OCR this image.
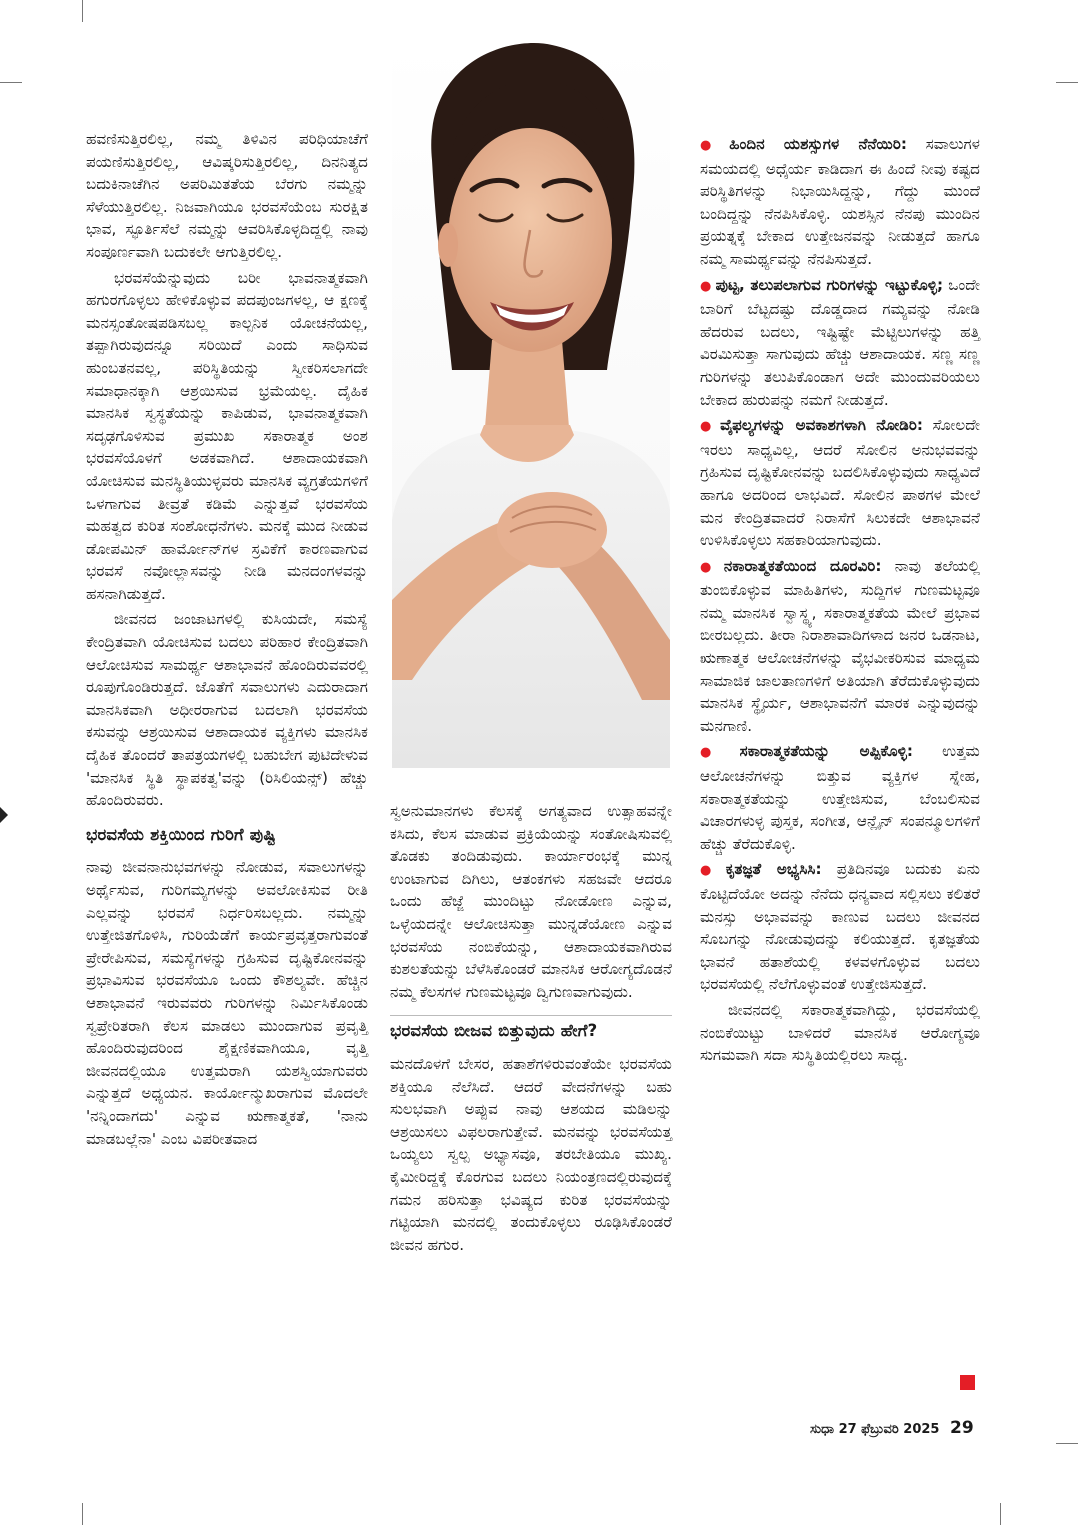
ಹವಣಿಸುತ್ತಿರಲಿಲ್ಲ, ನಮ್ಮ ತಿಳಿವಿನ ಪರಿಧಿಯಾಚೆಗೆ ಪಯಣಿಸುತ್ತಿರಲಿಲ್ಲ, ಆವಿಷ್ಕರಿಸುತ್ತಿರಲಿಲ್ಲ, ದಿನನಿತ್ಯದ ಬದುಕಿನಾಚೆಗಿನ ಅಪರಿಮಿತತೆಯ ಬೆರಗು ನಮ್ಮನ್ನು ಸೆಳೆಯುತ್ತಿರಲಿಲ್ಲ. ನಿಜವಾಗಿಯೂ ಭರವಸೆಯೆಂಬ ಸುರಕ್ಷಿತ ಭಾವ, ಸ್ಫೂರ್ತಿಸೆಲೆ ನಮ್ಮನ್ನು ಆವರಿಸಿಕೊಳ್ಳದಿದ್ದಲ್ಲಿ ನಾವು ಸಂಪೂರ್ಣವಾಗಿ ಬದುಕಲೇ ಆಗುತ್ತಿರಲಿಲ್ಲ.

ಭರವಸೆಯೆನ್ನುವುದು ಬರೀ ಭಾವನಾತ್ಮಕವಾಗಿ ಹಗುರಗೊಳ್ಳಲು ಹೇಳಿಕೊಳ್ಳುವ ಪದಪುಂಜಗಳಲ್ಲ, ಆ ಕ್ಷಣಕ್ಕೆ ಮನಸ್ಸಂತೋಷಪಡಿಸಬಲ್ಲ ಕಾಲ್ಪನಿಕ ಯೋಚನೆಯಲ್ಲ, ತಪ್ಪಾಗಿರುವುದನ್ನೂ ಸರಿಯಿದೆ ಎಂದು ಸಾಧಿಸುವ ಹುಂಬತನವಲ್ಲ, ಪರಿಸ್ಥಿತಿಯನ್ನು ಸ್ವೀಕರಿಸಲಾಗದೇ ಸಮಾಧಾನಕ್ಕಾಗಿ ಆಶ್ರಯಿಸುವ ಭ್ರಮೆಯಲ್ಲ. ದೈಹಿಕ ಮಾನಸಿಕ ಸ್ವಸ್ಥತೆಯನ್ನು ಕಾಪಿಡುವ, ಭಾವನಾತ್ಮಕವಾಗಿ ಸದೃಢಗೊಳಿಸುವ ಪ್ರಮುಖ ಸಕಾರಾತ್ಮಕ ಅಂಶ ಭರವಸೆಯೊಳಗೆ ಅಡಕವಾಗಿದೆ. ಆಶಾದಾಯಕವಾಗಿ ಯೋಚಿಸುವ ಮನಸ್ಥಿತಿಯುಳ್ಳವರು ಮಾನಸಿಕ ವ್ಯಗ್ರತೆಯಗಳಿಗೆ ಒಳಗಾಗುವ ತೀವ್ರತೆ ಕಡಿಮೆ ಎನ್ನುತ್ತವೆ ಭರವಸೆಯ ಮಹತ್ವದ ಕುರಿತ ಸಂಶೋಧನೆಗಳು. ಮನಕ್ಕೆ ಮುದ ನೀಡುವ ಡೋಪಮಿನ್ ಹಾರ್ಮೋನ್‌ಗಳ ಸ್ರವಿಕೆಗೆ ಕಾರಣವಾಗುವ ಭರವಸೆ ನವೋಲ್ಲಾಸವನ್ನು ನೀಡಿ ಮನದಂಗಳವನ್ನು ಹಸನಾಗಿಡುತ್ತದೆ.

ಜೀವನದ ಜಂಜಾಟಗಳಲ್ಲಿ ಕುಸಿಯದೇ, ಸಮಸ್ಯೆ ಕೇಂದ್ರಿತವಾಗಿ ಯೋಚಿಸುವ ಬದಲು ಪರಿಹಾರ ಕೇಂದ್ರಿತವಾಗಿ ಆಲೋಚಿಸುವ ಸಾಮರ್ಥ್ಯ ಆಶಾಭಾವನೆ ಹೊಂದಿರುವವರಲ್ಲಿ ರೂಪುಗೊಂಡಿರುತ್ತದೆ. ಜೊತೆಗೆ ಸವಾಲುಗಳು ಎದುರಾದಾಗ ಮಾನಸಿಕವಾಗಿ ಅಧೀರರಾಗುವ ಬದಲಾಗಿ ಭರವಸೆಯ ಕಸುವನ್ನು ಆಶ್ರಯಿಸುವ ಆಶಾದಾಯಕ ವ್ಯಕ್ತಿಗಳು ಮಾನಸಿಕ ದೈಹಿಕ ತೊಂದರೆ ತಾಪತ್ರಯಗಳಲ್ಲಿ ಬಹುಬೇಗ ಪುಟಿದೇಳುವ 'ಮಾನಸಿಕ ಸ್ಥಿತಿ ಸ್ಥಾಪಕತ್ವ'ವನ್ನು (ರಿಸಿಲಿಯನ್ಸ್) ಹೆಚ್ಚು ಹೊಂದಿರುವರು.

ಭರವಸೆಯ ಶಕ್ತಿಯಿಂದ ಗುರಿಗೆ ಪುಷ್ಟಿ

ನಾವು ಜೀವನಾನುಭವಗಳನ್ನು ನೋಡುವ, ಸವಾಲುಗಳನ್ನು ಅರ್ಥೈಸುವ, ಗುರಿಗಮ್ಯಗಳನ್ನು ಅವಲೋಕಿಸುವ ರೀತಿ ಎಲ್ಲವನ್ನು ಭರವಸೆ ನಿರ್ಧರಿಸಬಲ್ಲದು. ನಮ್ಮನ್ನು ಉತ್ತೇಜಿತಗೊಳಿಸಿ, ಗುರಿಯೆಡೆಗೆ ಕಾರ್ಯಪ್ರವೃತ್ತರಾಗುವಂತೆ ಪ್ರೇರೇಪಿಸುವ, ಸಮಸ್ಯೆಗಳನ್ನು ಗ್ರಹಿಸುವ ದೃಷ್ಟಿಕೋನವನ್ನು ಪ್ರಭಾವಿಸುವ ಭರವಸೆಯೂ ಒಂದು ಕೌಶಲ್ಯವೇ. ಹೆಚ್ಚಿನ ಆಶಾಭಾವನೆ ಇರುವವರು ಗುರಿಗಳನ್ನು ನಿರ್ಮಿಸಿಕೊಂಡು ಸ್ವಪ್ರೇರಿತರಾಗಿ ಕೆಲಸ ಮಾಡಲು ಮುಂದಾಗುವ ಪ್ರವೃತ್ತಿ ಹೊಂದಿರುವುದರಿಂದ ಶೈಕ್ಷಣಿಕವಾಗಿಯೂ, ವೃತ್ತಿ ಜೀವನದಲ್ಲಿಯೂ ಉತ್ತಮರಾಗಿ ಯಶಸ್ವಿಯಾಗುವರು ಎನ್ನುತ್ತದೆ ಅಧ್ಯಯನ. ಕಾರ್ಯೋನ್ಮುಖರಾಗುವ ಮೊದಲೇ 'ನನ್ನಿಂದಾಗದು' ಎನ್ನುವ ಋಣಾತ್ಮಕತೆ, 'ನಾನು ಮಾಡಬಲ್ಲೆನಾ' ಎಂಬ ವಿಪರೀತವಾದ

ಸ್ವಅನುಮಾನಗಳು ಕೆಲಸಕ್ಕೆ ಅಗತ್ಯವಾದ ಉತ್ಸಾಹವನ್ನೇ ಕಸಿದು, ಕೆಲಸ ಮಾಡುವ ಪ್ರಕ್ರಿಯೆಯನ್ನು ಸಂತೋಷಿಸುವಲ್ಲಿ ತೊಡಕು ತಂದಿಡುವುದು. ಕಾರ್ಯಾರಂಭಕ್ಕೆ ಮುನ್ನ ಉಂಟಾಗುವ ದಿಗಿಲು, ಆತಂಕಗಳು ಸಹಜವೇ ಆದರೂ ಒಂದು ಹೆಜ್ಜೆ ಮುಂದಿಟ್ಟು ನೋಡೋಣ ಎನ್ನುವ, ಒಳ್ಳೆಯದನ್ನೇ ಆಲೋಚಿಸುತ್ತಾ ಮುನ್ನಡೆಯೋಣ ಎನ್ನುವ ಭರವಸೆಯ ನಂಬಿಕೆಯನ್ನು, ಆಶಾದಾಯಕವಾಗಿರುವ ಕುಶಲತೆಯನ್ನು ಬೆಳೆಸಿಕೊಂಡರೆ ಮಾನಸಿಕ ಆರೋಗ್ಯದೊಡನೆ ನಮ್ಮ ಕೆಲಸಗಳ ಗುಣಮಟ್ಟವೂ ದ್ವಿಗುಣವಾಗುವುದು.

ಭರವಸೆಯ ಬೀಜವ ಬಿತ್ತುವುದು ಹೇಗೆ?

ಮನದೊಳಗೆ ಬೇಸರ, ಹತಾಶೆಗಳಿರುವಂತೆಯೇ ಭರವಸೆಯ ಶಕ್ತಿಯೂ ನೆಲೆಸಿದೆ. ಆದರೆ ವೇದನೆಗಳನ್ನು ಬಹು ಸುಲಭವಾಗಿ ಅಪ್ಪುವ ನಾವು ಆಶಯದ ಮಡಿಲನ್ನು ಆಶ್ರಯಿಸಲು ವಿಫಲರಾಗುತ್ತೇವೆ. ಮನವನ್ನು ಭರವಸೆಯತ್ತ ಒಯ್ಯಲು ಸ್ವಲ್ಪ ಅಭ್ಯಾಸವೂ, ತರಬೇತಿಯೂ ಮುಖ್ಯ. ಕೈಮೀರಿದ್ದಕ್ಕೆ ಕೊರಗುವ ಬದಲು ನಿಯಂತ್ರಣದಲ್ಲಿರುವುದಕ್ಕೆ ಗಮನ ಹರಿಸುತ್ತಾ ಭವಿಷ್ಯದ ಕುರಿತ ಭರವಸೆಯನ್ನು ಗಟ್ಟಿಯಾಗಿ ಮನದಲ್ಲಿ ತಂದುಕೊಳ್ಳಲು ರೂಢಿಸಿಕೊಂಡರೆ ಜೀವನ ಹಗುರ.

● ಹಿಂದಿನ ಯಶಸ್ಸುಗಳ ನೆನೆಯಿರಿ: ಸವಾಲುಗಳ ಸಮಯದಲ್ಲಿ ಅಧೈರ್ಯ ಕಾಡಿದಾಗ ಈ ಹಿಂದೆ ನೀವು ಕಷ್ಟದ ಪರಿಸ್ಥಿತಿಗಳನ್ನು ನಿಭಾಯಿಸಿದ್ದನ್ನು, ಗೆದ್ದು ಮುಂದೆ ಬಂದಿದ್ದನ್ನು ನೆನಪಿಸಿಕೊಳ್ಳಿ. ಯಶಸ್ಸಿನ ನೆನಪು ಮುಂದಿನ ಪ್ರಯತ್ನಕ್ಕೆ ಬೇಕಾದ ಉತ್ತೇಜನವನ್ನು ನೀಡುತ್ತದೆ ಹಾಗೂ ನಮ್ಮ ಸಾಮರ್ಥ್ಯವನ್ನು ನೆನಪಿಸುತ್ತದೆ.
● ಪುಟ್ಟ, ತಲುಪಲಾಗುವ ಗುರಿಗಳನ್ನು ಇಟ್ಟುಕೊಳ್ಳಿ; ಒಂದೇ ಬಾರಿಗೆ ಬೆಟ್ಟದಷ್ಟು ದೊಡ್ಡದಾದ ಗಮ್ಯವನ್ನು ನೋಡಿ ಹೆದರುವ ಬದಲು, ಇಷ್ಟಿಷ್ಟೇ ಮೆಟ್ಟಿಲುಗಳನ್ನು ಹತ್ತಿ ವಿರಮಿಸುತ್ತಾ ಸಾಗುವುದು ಹೆಚ್ಚು ಆಶಾದಾಯಕ. ಸಣ್ಣ ಸಣ್ಣ ಗುರಿಗಳನ್ನು ತಲುಪಿಕೊಂಡಾಗ ಅದೇ ಮುಂದುವರಿಯಲು ಬೇಕಾದ ಹುರುಪನ್ನು ನಮಗೆ ನೀಡುತ್ತದೆ.
● ವೈಫಲ್ಯಗಳನ್ನು ಅವಕಾಶಗಳಾಗಿ ನೋಡಿರಿ: ಸೋಲದೇ ಇರಲು ಸಾಧ್ಯವಿಲ್ಲ, ಆದರೆ ಸೋಲಿನ ಅನುಭವವನ್ನು ಗ್ರಹಿಸುವ ದೃಷ್ಟಿಕೋನವನ್ನು ಬದಲಿಸಿಕೊಳ್ಳುವುದು ಸಾಧ್ಯವಿದೆ ಹಾಗೂ ಅದರಿಂದ ಲಾಭವಿದೆ. ಸೋಲಿನ ಪಾಠಗಳ ಮೇಲೆ ಮನ ಕೇಂದ್ರಿತವಾದರೆ ನಿರಾಸೆಗೆ ಸಿಲುಕದೇ ಆಶಾಭಾವನೆ ಉಳಿಸಿಕೊಳ್ಳಲು ಸಹಕಾರಿಯಾಗುವುದು.
● ನಕಾರಾತ್ಮಕತೆಯಿಂದ ದೂರವಿರಿ: ನಾವು ತಲೆಯಲ್ಲಿ ತುಂಬಿಕೊಳ್ಳುವ ಮಾಹಿತಿಗಳು, ಸುದ್ದಿಗಳ ಗುಣಮಟ್ಟವೂ ನಮ್ಮ ಮಾನಸಿಕ ಸ್ವಾಸ್ಥ್ಯ, ಸಕಾರಾತ್ಮಕತೆಯ ಮೇಲೆ ಪ್ರಭಾವ ಬೀರಬಲ್ಲದು. ತೀರಾ ನಿರಾಶಾವಾದಿಗಳಾದ ಜನರ ಒಡನಾಟ, ಋಣಾತ್ಮಕ ಆಲೋಚನೆಗಳನ್ನು ವೈಭವೀಕರಿಸುವ ಮಾಧ್ಯಮ ಸಾಮಾಜಿಕ ಜಾಲತಾಣಗಳಿಗೆ ಅತಿಯಾಗಿ ತೆರೆದುಕೊಳ್ಳುವುದು ಮಾನಸಿಕ ಸ್ಥೈರ್ಯ, ಆಶಾಭಾವನೆಗೆ ಮಾರಕ ಎನ್ನುವುದನ್ನು ಮನಗಾಣಿ.
● ಸಕಾರಾತ್ಮಕತೆಯನ್ನು ಅಪ್ಪಿಕೊಳ್ಳಿ: ಉತ್ತಮ ಆಲೋಚನೆಗಳನ್ನು ಬಿತ್ತುವ ವ್ಯಕ್ತಿಗಳ ಸ್ನೇಹ, ಸಕಾರಾತ್ಮಕತೆಯನ್ನು ಉತ್ತೇಜಿಸುವ, ಬೆಂಬಲಿಸುವ ವಿಚಾರಗಳುಳ್ಳ ಪುಸ್ತಕ, ಸಂಗೀತ, ಆನ್ಲೈನ್ ಸಂಪನ್ಮೂಲಗಳಿಗೆ ಹೆಚ್ಚು ತೆರೆದುಕೊಳ್ಳಿ.
● ಕೃತಜ್ಞತೆ ಅಭ್ಯಸಿಸಿ: ಪ್ರತಿದಿನವೂ ಬದುಕು ಏನು ಕೊಟ್ಟಿದೆಯೋ ಅದನ್ನು ನೆನೆದು ಧನ್ಯವಾದ ಸಲ್ಲಿಸಲು ಕಲಿತರೆ ಮನಸ್ಸು ಅಭಾವವನ್ನು ಕಾಣುವ ಬದಲು ಜೀವನದ ಸೊಬಗನ್ನು ನೋಡುವುದನ್ನು ಕಲಿಯುತ್ತದೆ. ಕೃತಜ್ಞತೆಯ ಭಾವನೆ ಹತಾಶೆಯಲ್ಲಿ ಕಳವಳಗೊಳ್ಳುವ ಬದಲು ಭರವಸೆಯಲ್ಲಿ ನೆಲೆಗೊಳ್ಳುವಂತೆ ಉತ್ತೇಜಿಸುತ್ತದೆ.

ಜೀವನದಲ್ಲಿ ಸಕಾರಾತ್ಮಕವಾಗಿದ್ದು, ಭರವಸೆಯಲ್ಲಿ ನಂಬಿಕೆಯಿಟ್ಟು ಬಾಳಿದರೆ ಮಾನಸಿಕ ಆರೋಗ್ಯವೂ ಸುಗಮವಾಗಿ ಸದಾ ಸುಸ್ಥಿತಿಯಲ್ಲಿರಲು ಸಾಧ್ಯ.

ಸುಧಾ 27 ಫೆಬ್ರುವರಿ 2025 29
